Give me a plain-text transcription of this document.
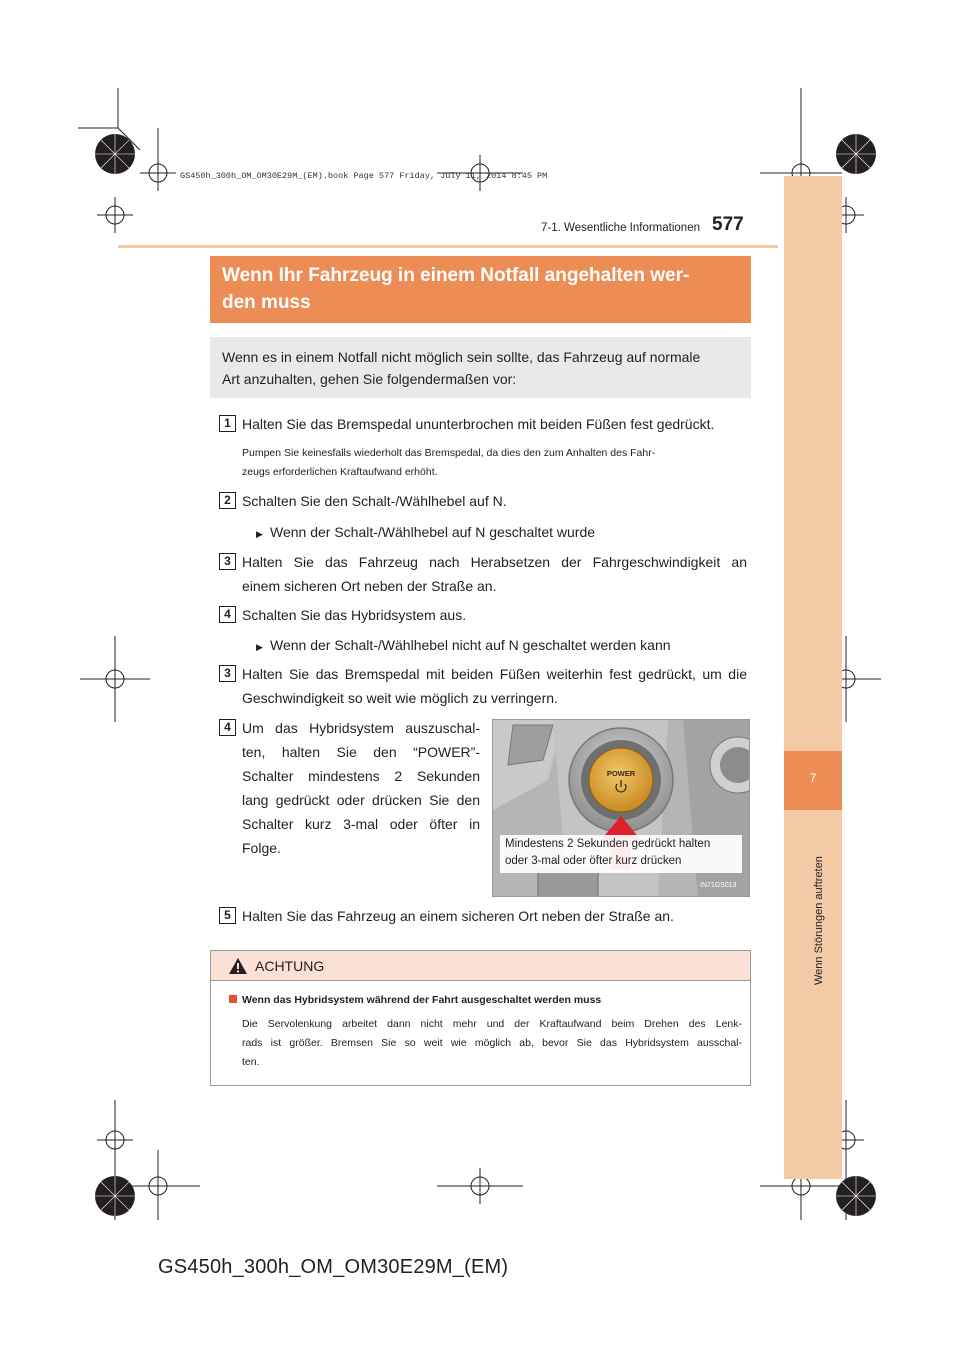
GS450h_300h_OM_OM30E29M_(EM).book Page 577 Friday, July 11, 2014 8:45 PM
7
Wenn Störungen auftreten
7-1. Wesentliche Informationen 577
Wenn Ihr Fahrzeug in einem Notfall angehalten wer-
den muss
Wenn es in einem Notfall nicht möglich sein sollte, das Fahrzeug auf normale
Art anzuhalten, gehen Sie folgendermaßen vor:
1 Halten Sie das Bremspedal ununterbrochen mit beiden Füßen fest gedrückt.
Pumpen Sie keinesfalls wiederholt das Bremspedal, da dies den zum Anhalten des Fahr-
zeugs erforderlichen Kraftaufwand erhöht.
2 Schalten Sie den Schalt-/Wählhebel auf N.
▶ Wenn der Schalt-/Wählhebel auf N geschaltet wurde
3 Halten Sie das Fahrzeug nach Herabsetzen der Fahrgeschwindigkeit an
einem sicheren Ort neben der Straße an.
4 Schalten Sie das Hybridsystem aus.
▶ Wenn der Schalt-/Wählhebel nicht auf N geschaltet werden kann
3 Halten Sie das Bremspedal mit beiden Füßen weiterhin fest gedrückt, um die
Geschwindigkeit so weit wie möglich zu verringern.
4 Um das Hybridsystem auszuschal-
ten, halten Sie den “POWER”-
Schalter mindestens 2 Sekunden
lang gedrückt oder drücken Sie den
Schalter kurz 3-mal oder öfter in
Folge.
POWER
Mindestens 2 Sekunden gedrückt halten
oder 3-mal oder öfter kurz drücken
IN71GS013
5 Halten Sie das Fahrzeug an einem sicheren Ort neben der Straße an.
ACHTUNG
Wenn das Hybridsystem während der Fahrt ausgeschaltet werden muss
Die Servolenkung arbeitet dann nicht mehr und der Kraftaufwand beim Drehen des Lenk-
rads ist größer. Bremsen Sie so weit wie möglich ab, bevor Sie das Hybridsystem ausschal-
ten.
GS450h_300h_OM_OM30E29M_(EM)
